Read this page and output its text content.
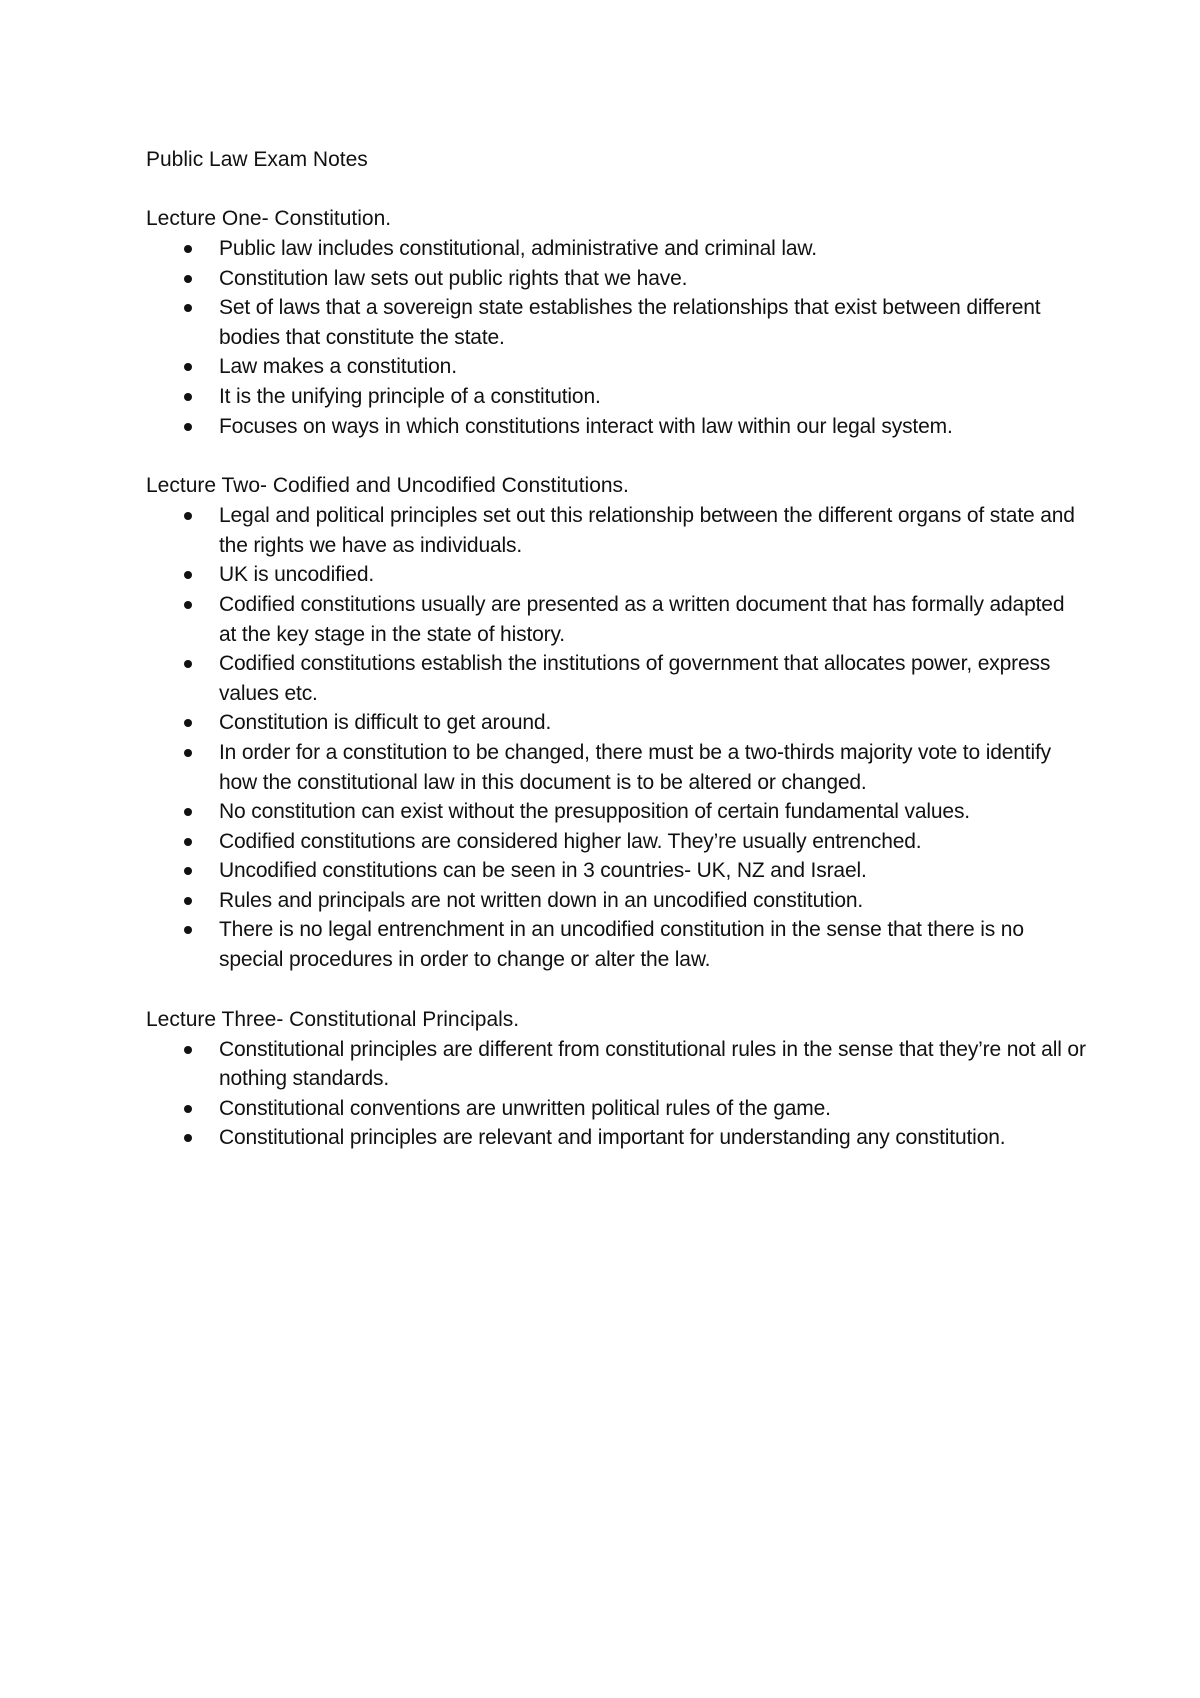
Public Law Exam Notes
Lecture One- Constitution.
Public law includes constitutional, administrative and criminal law.
Constitution law sets out public rights that we have.
Set of laws that a sovereign state establishes the relationships that exist between different bodies that constitute the state.
Law makes a constitution.
It is the unifying principle of a constitution.
Focuses on ways in which constitutions interact with law within our legal system.
Lecture Two- Codified and Uncodified Constitutions.
Legal and political principles set out this relationship between the different organs of state and the rights we have as individuals.
UK is uncodified.
Codified constitutions usually are presented as a written document that has formally adapted at the key stage in the state of history.
Codified constitutions establish the institutions of government that allocates power, express values etc.
Constitution is difficult to get around.
In order for a constitution to be changed, there must be a two-thirds majority vote to identify how the constitutional law in this document is to be altered or changed.
No constitution can exist without the presupposition of certain fundamental values.
Codified constitutions are considered higher law. They’re usually entrenched.
Uncodified constitutions can be seen in 3 countries- UK, NZ and Israel.
Rules and principals are not written down in an uncodified constitution.
There is no legal entrenchment in an uncodified constitution in the sense that there is no special procedures in order to change or alter the law.
Lecture Three- Constitutional Principals.
Constitutional principles are different from constitutional rules in the sense that they’re not all or nothing standards.
Constitutional conventions are unwritten political rules of the game.
Constitutional principles are relevant and important for understanding any constitution.
